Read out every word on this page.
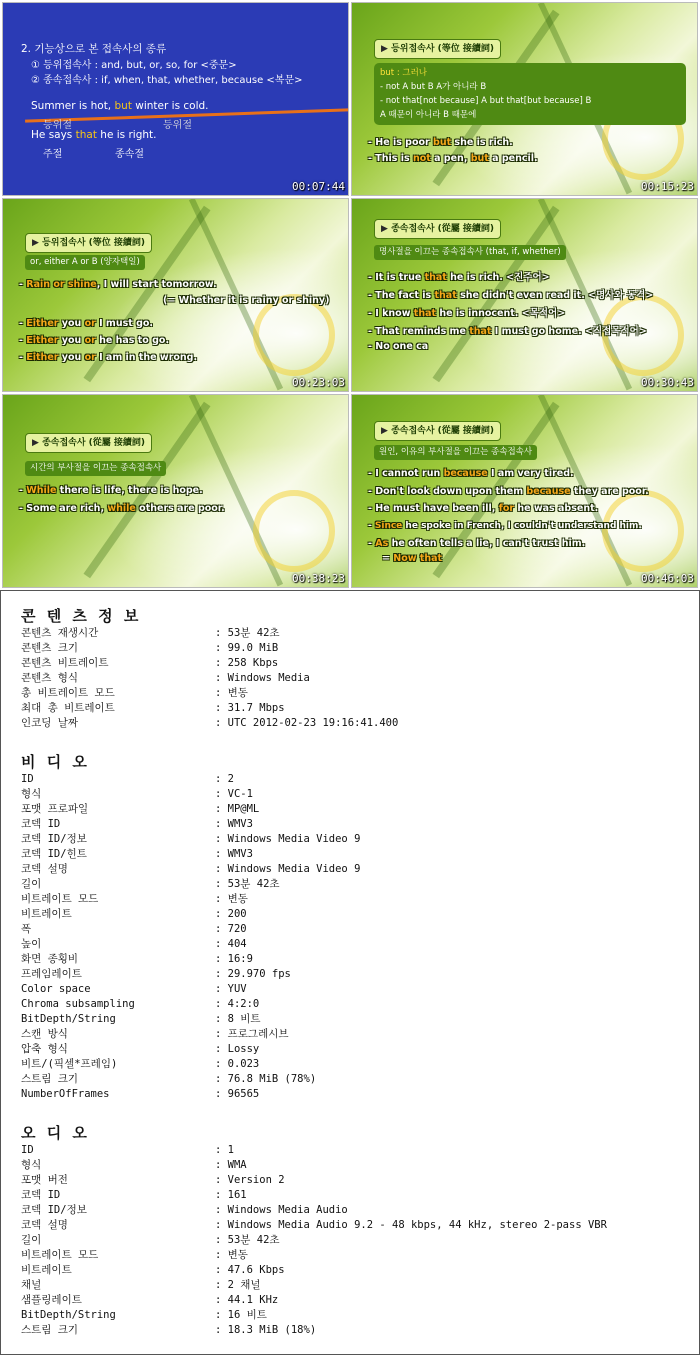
2. 기능상으로 본 접속사의 종류
① 등위접속사 : and, but, or, so, for <중문>
② 종속접속사 : if, when, that, whether, because <복문>
Summer is hot, but winter is cold.
등위절	등위절
He says that he is right.
주절	종속절
00:07:44
▶ 등위접속사 (等位 接續詞)
but : 그러나
- not A but B A가 아니라 B
- not that[not because] A but that[but because] B
A 때문이 아니라 B 때문에
- He is poor but she is rich.
- This is not a pen, but a pencil.
00:15:23
▶ 등위접속사 (等位 接續詞)
or, either A or B (양자택일)
- Rain or shine, I will start tomorrow.
(= Whether it is rainy or shiny)
- Either you or I must go.
- Either you or he has to go.
- Either you or I am in the wrong.
00:23:03
▶ 종속접속사 (從屬 接續詞)
명사절을 이끄는 종속접속사 (that, if, whether)
- It is true that he is rich. <진주어>
- The fact is that she didn't even read it. <명사와 동격>
- I know that he is innocent. <목적어>
- That reminds me that I must go home. <직접목적어>
- No one ca
00:30:43
▶ 종속접속사 (從屬 接續詞)
시간의 부사절을 이끄는 종속접속사
- While there is life, there is hope.
- Some are rich, while others are poor.
00:38:23
▶ 종속접속사 (從屬 接續詞)
원인, 이유의 부사절을 이끄는 종속접속사
- I cannot run because I am very tired.
- Don't look down upon them because they are poor.
- He must have been ill, for he was absent.
- Since he spoke in French, I couldn't understand him.
- As he often tells a lie, I can't trust him.
= Now that
00:46:03
콘 텐 츠 정 보
콘텐츠 재생시간	: 53분 42초
콘텐츠 크기	: 99.0 MiB
콘텐츠 비트레이트	: 258 Kbps
콘텐츠 형식	: Windows Media
총 비트레이트 모드	: 변동
최대 총 비트레이트	: 31.7 Mbps
인코딩 날짜	: UTC 2012-02-23 19:16:41.400
비 디 오
ID	: 2
형식	: VC-1
포맷 프로파일	: MP@ML
코덱 ID	: WMV3
코덱 ID/정보	: Windows Media Video 9
코덱 ID/힌트	: WMV3
코덱 설명	: Windows Media Video 9
길이	: 53분 42초
비트레이트 모드	: 변동
비트레이트	: 200
폭	: 720
높이	: 404
화면 종횡비	: 16:9
프레임레이트	: 29.970 fps
Color space	: YUV
Chroma subsampling	: 4:2:0
BitDepth/String	: 8 비트
스캔 방식	: 프로그레시브
압축 형식	: Lossy
비트/(픽셀*프레임)	: 0.023
스트림 크기	: 76.8 MiB (78%)
NumberOfFrames	: 96565
오 디 오
ID	: 1
형식	: WMA
포맷 버전	: Version 2
코덱 ID	: 161
코덱 ID/정보	: Windows Media Audio
코덱 설명	: Windows Media Audio 9.2 - 48 kbps, 44 kHz, stereo 2-pass VBR
길이	: 53분 42초
비트레이트 모드	: 변동
비트레이트	: 47.6 Kbps
채널	: 2 채널
샘플링레이트	: 44.1 KHz
BitDepth/String	: 16 비트
스트림 크기	: 18.3 MiB (18%)
